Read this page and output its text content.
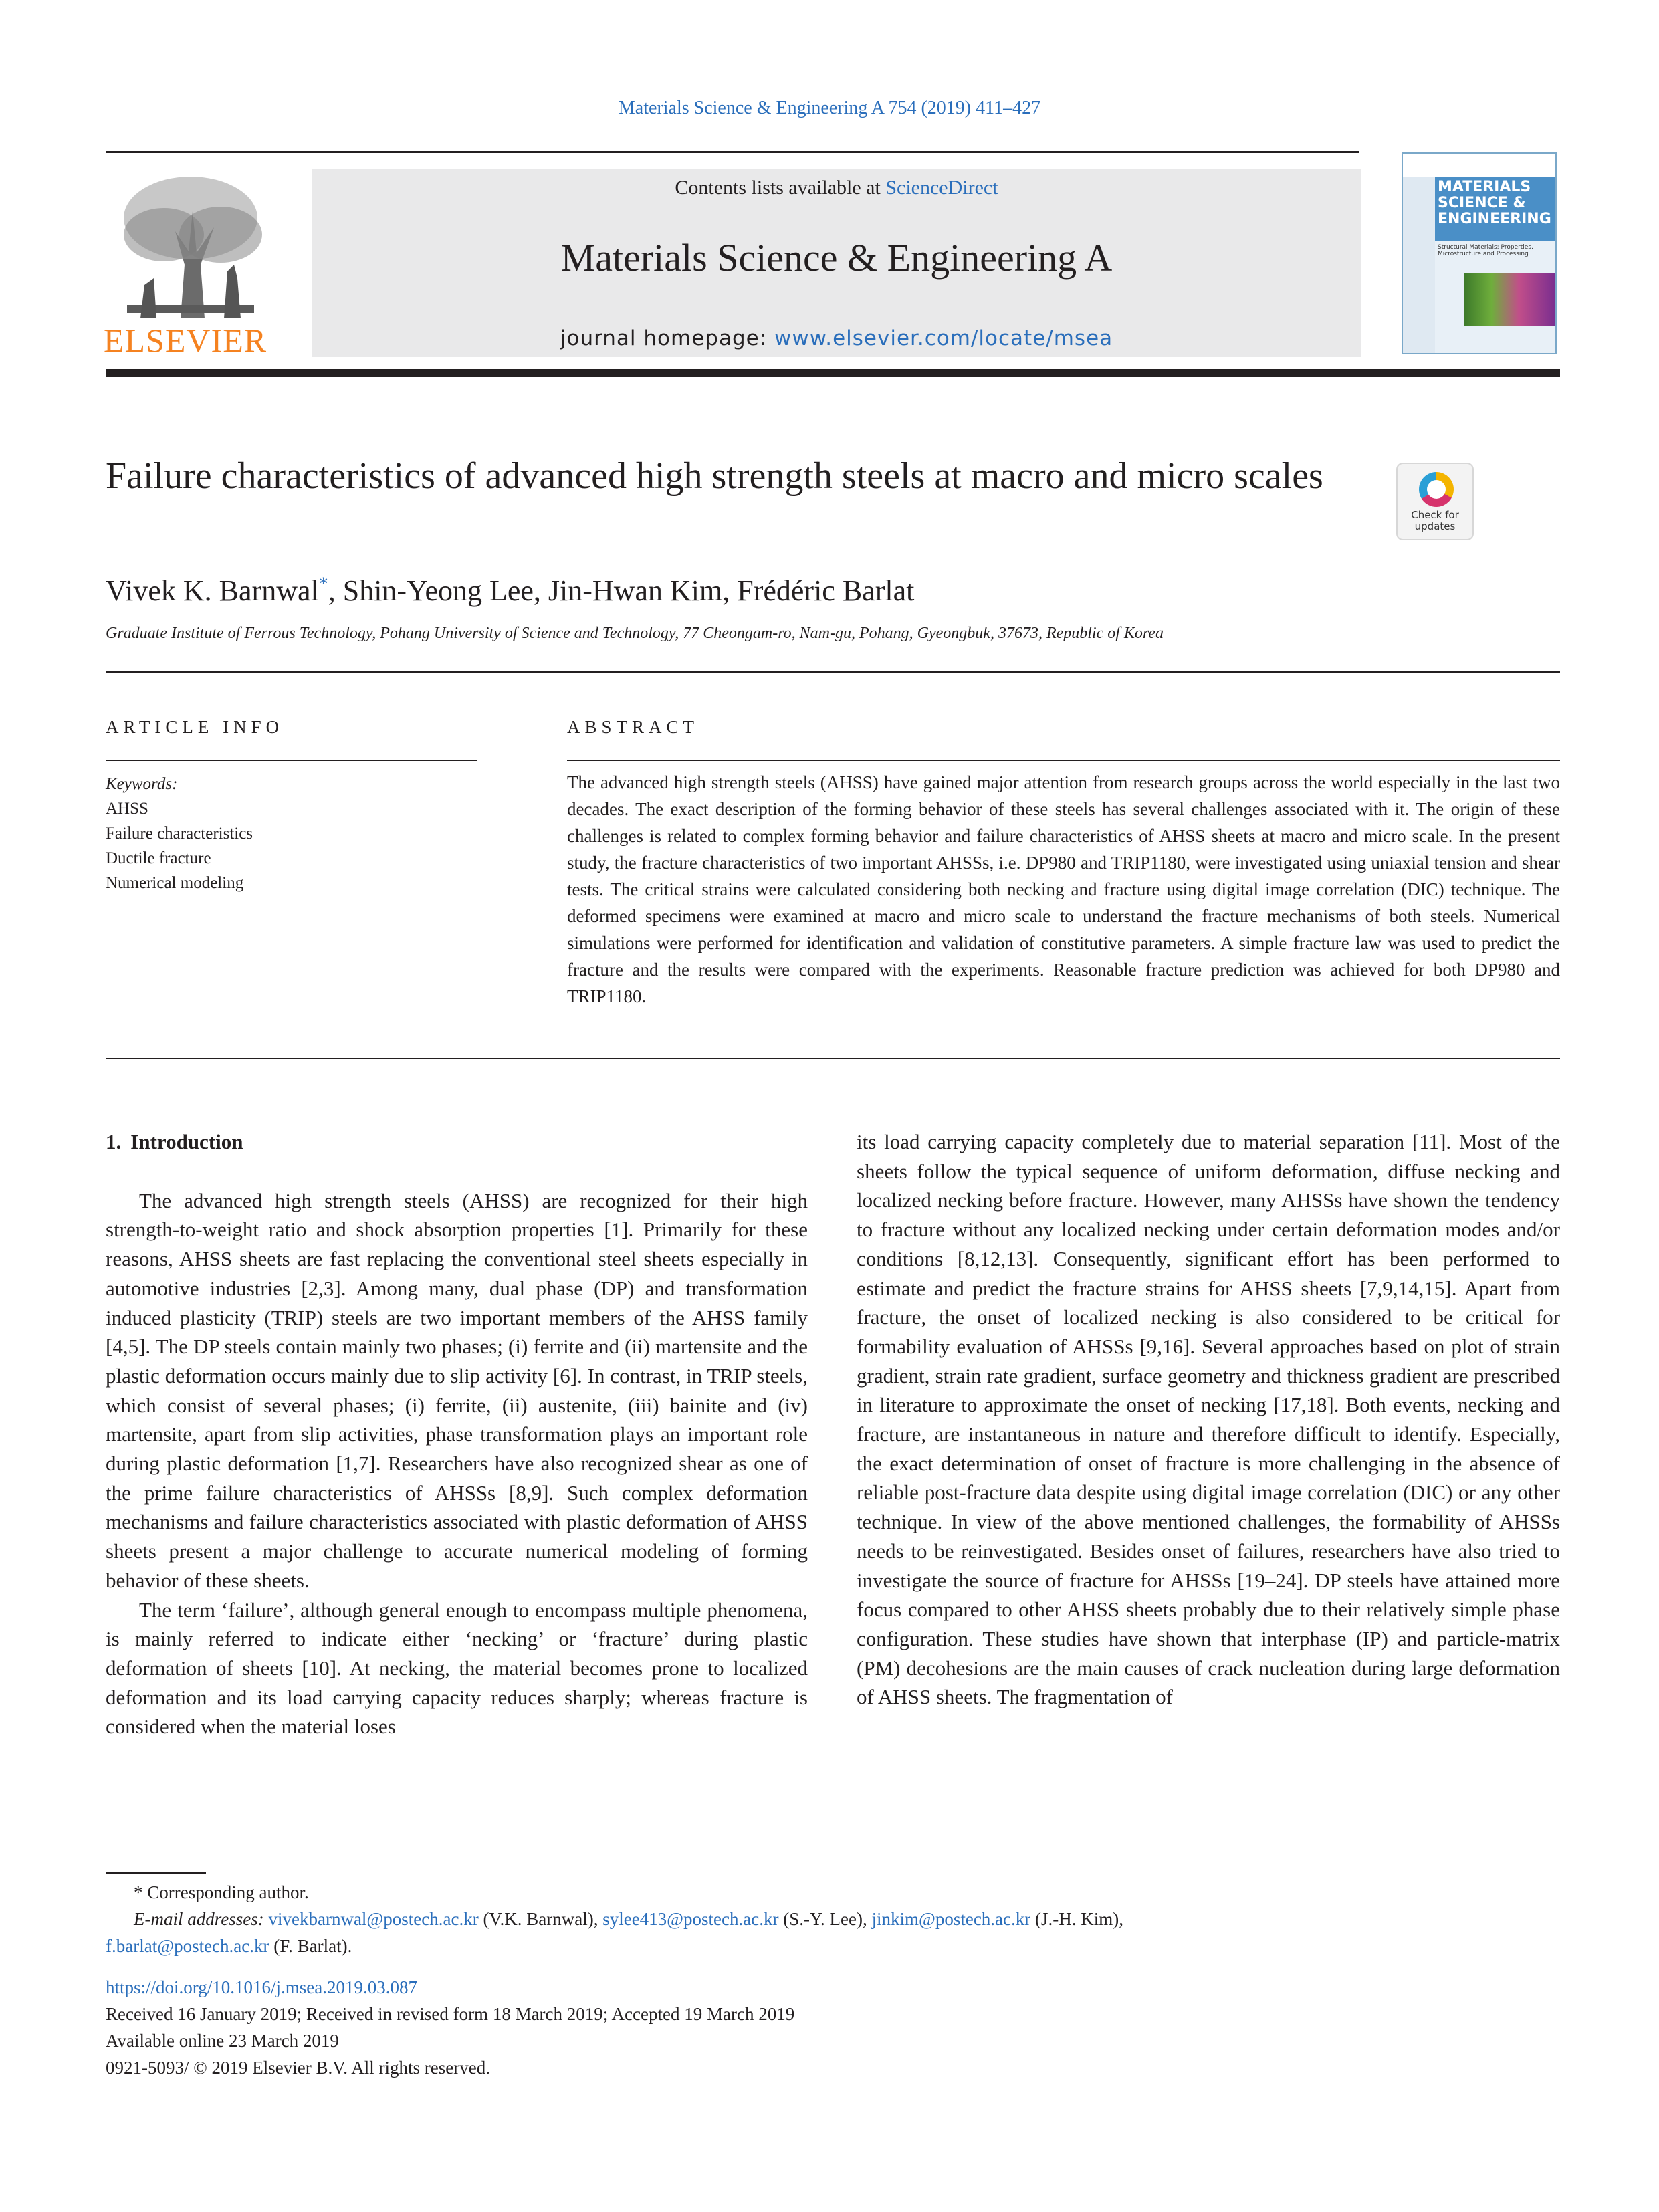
Materials Science & Engineering A 754 (2019) 411–427
ELSEVIER
Contents lists available at ScienceDirect
Materials Science & Engineering A
journal homepage: www.elsevier.com/locate/msea
MATERIALS
SCIENCE &
ENGINEERING
Structural Materials: Properties, Microstructure and Processing
Failure characteristics of advanced high strength steels at macro and micro scales
Check for
updates
Vivek K. Barnwal*, Shin-Yeong Lee, Jin-Hwan Kim, Frédéric Barlat
Graduate Institute of Ferrous Technology, Pohang University of Science and Technology, 77 Cheongam-ro, Nam-gu, Pohang, Gyeongbuk, 37673, Republic of Korea
ARTICLE INFO
Keywords:
AHSS
Failure characteristics
Ductile fracture
Numerical modeling
ABSTRACT
The advanced high strength steels (AHSS) have gained major attention from research groups across the world especially in the last two decades. The exact description of the forming behavior of these steels has several challenges associated with it. The origin of these challenges is related to complex forming behavior and failure characteristics of AHSS sheets at macro and micro scale. In the present study, the fracture characteristics of two important AHSSs, i.e. DP980 and TRIP1180, were investigated using uniaxial tension and shear tests. The critical strains were calculated considering both necking and fracture using digital image correlation (DIC) technique. The deformed specimens were examined at macro and micro scale to understand the fracture mechanisms of both steels. Numerical simulations were performed for identification and validation of constitutive parameters. A simple fracture law was used to predict the fracture and the results were compared with the experiments. Reasonable fracture prediction was achieved for both DP980 and TRIP1180.
1. Introduction

The advanced high strength steels (AHSS) are recognized for their high strength-to-weight ratio and shock absorption properties [1]. Primarily for these reasons, AHSS sheets are fast replacing the conventional steel sheets especially in automotive industries [2,3]. Among many, dual phase (DP) and transformation induced plasticity (TRIP) steels are two important members of the AHSS family [4,5]. The DP steels contain mainly two phases; (i) ferrite and (ii) martensite and the plastic deformation occurs mainly due to slip activity [6]. In contrast, in TRIP steels, which consist of several phases; (i) ferrite, (ii) austenite, (iii) bainite and (iv) martensite, apart from slip activities, phase transformation plays an important role during plastic deformation [1,7]. Researchers have also recognized shear as one of the prime failure characteristics of AHSSs [8,9]. Such complex deformation mechanisms and failure characteristics associated with plastic deformation of AHSS sheets present a major challenge to accurate numerical modeling of forming behavior of these sheets.

The term ‘failure’, although general enough to encompass multiple phenomena, is mainly referred to indicate either ‘necking’ or ‘fracture’ during plastic deformation of sheets [10]. At necking, the material becomes prone to localized deformation and its load carrying capacity reduces sharply; whereas fracture is considered when the material loses

its load carrying capacity completely due to material separation [11]. Most of the sheets follow the typical sequence of uniform deformation, diffuse necking and localized necking before fracture. However, many AHSSs have shown the tendency to fracture without any localized necking under certain deformation modes and/or conditions [8,12,13]. Consequently, significant effort has been performed to estimate and predict the fracture strains for AHSS sheets [7,9,14,15]. Apart from fracture, the onset of localized necking is also considered to be critical for formability evaluation of AHSSs [9,16]. Several approaches based on plot of strain gradient, strain rate gradient, surface geometry and thickness gradient are prescribed in literature to approximate the onset of necking [17,18]. Both events, necking and fracture, are instantaneous in nature and therefore difficult to identify. Especially, the exact determination of onset of fracture is more challenging in the absence of reliable post-fracture data despite using digital image correlation (DIC) or any other technique. In view of the above mentioned challenges, the formability of AHSSs needs to be reinvestigated. Besides onset of failures, researchers have also tried to investigate the source of fracture for AHSSs [19–24]. DP steels have attained more focus compared to other AHSS sheets probably due to their relatively simple phase configuration. These studies have shown that interphase (IP) and particle-matrix (PM) decohesions are the main causes of crack nucleation during large deformation of AHSS sheets. The fragmentation of

* Corresponding author.
E-mail addresses: vivekbarnwal@postech.ac.kr (V.K. Barnwal), sylee413@postech.ac.kr (S.-Y. Lee), jinkim@postech.ac.kr (J.-H. Kim),
f.barlat@postech.ac.kr (F. Barlat).
https://doi.org/10.1016/j.msea.2019.03.087
Received 16 January 2019; Received in revised form 18 March 2019; Accepted 19 March 2019
Available online 23 March 2019
0921-5093/ © 2019 Elsevier B.V. All rights reserved.
